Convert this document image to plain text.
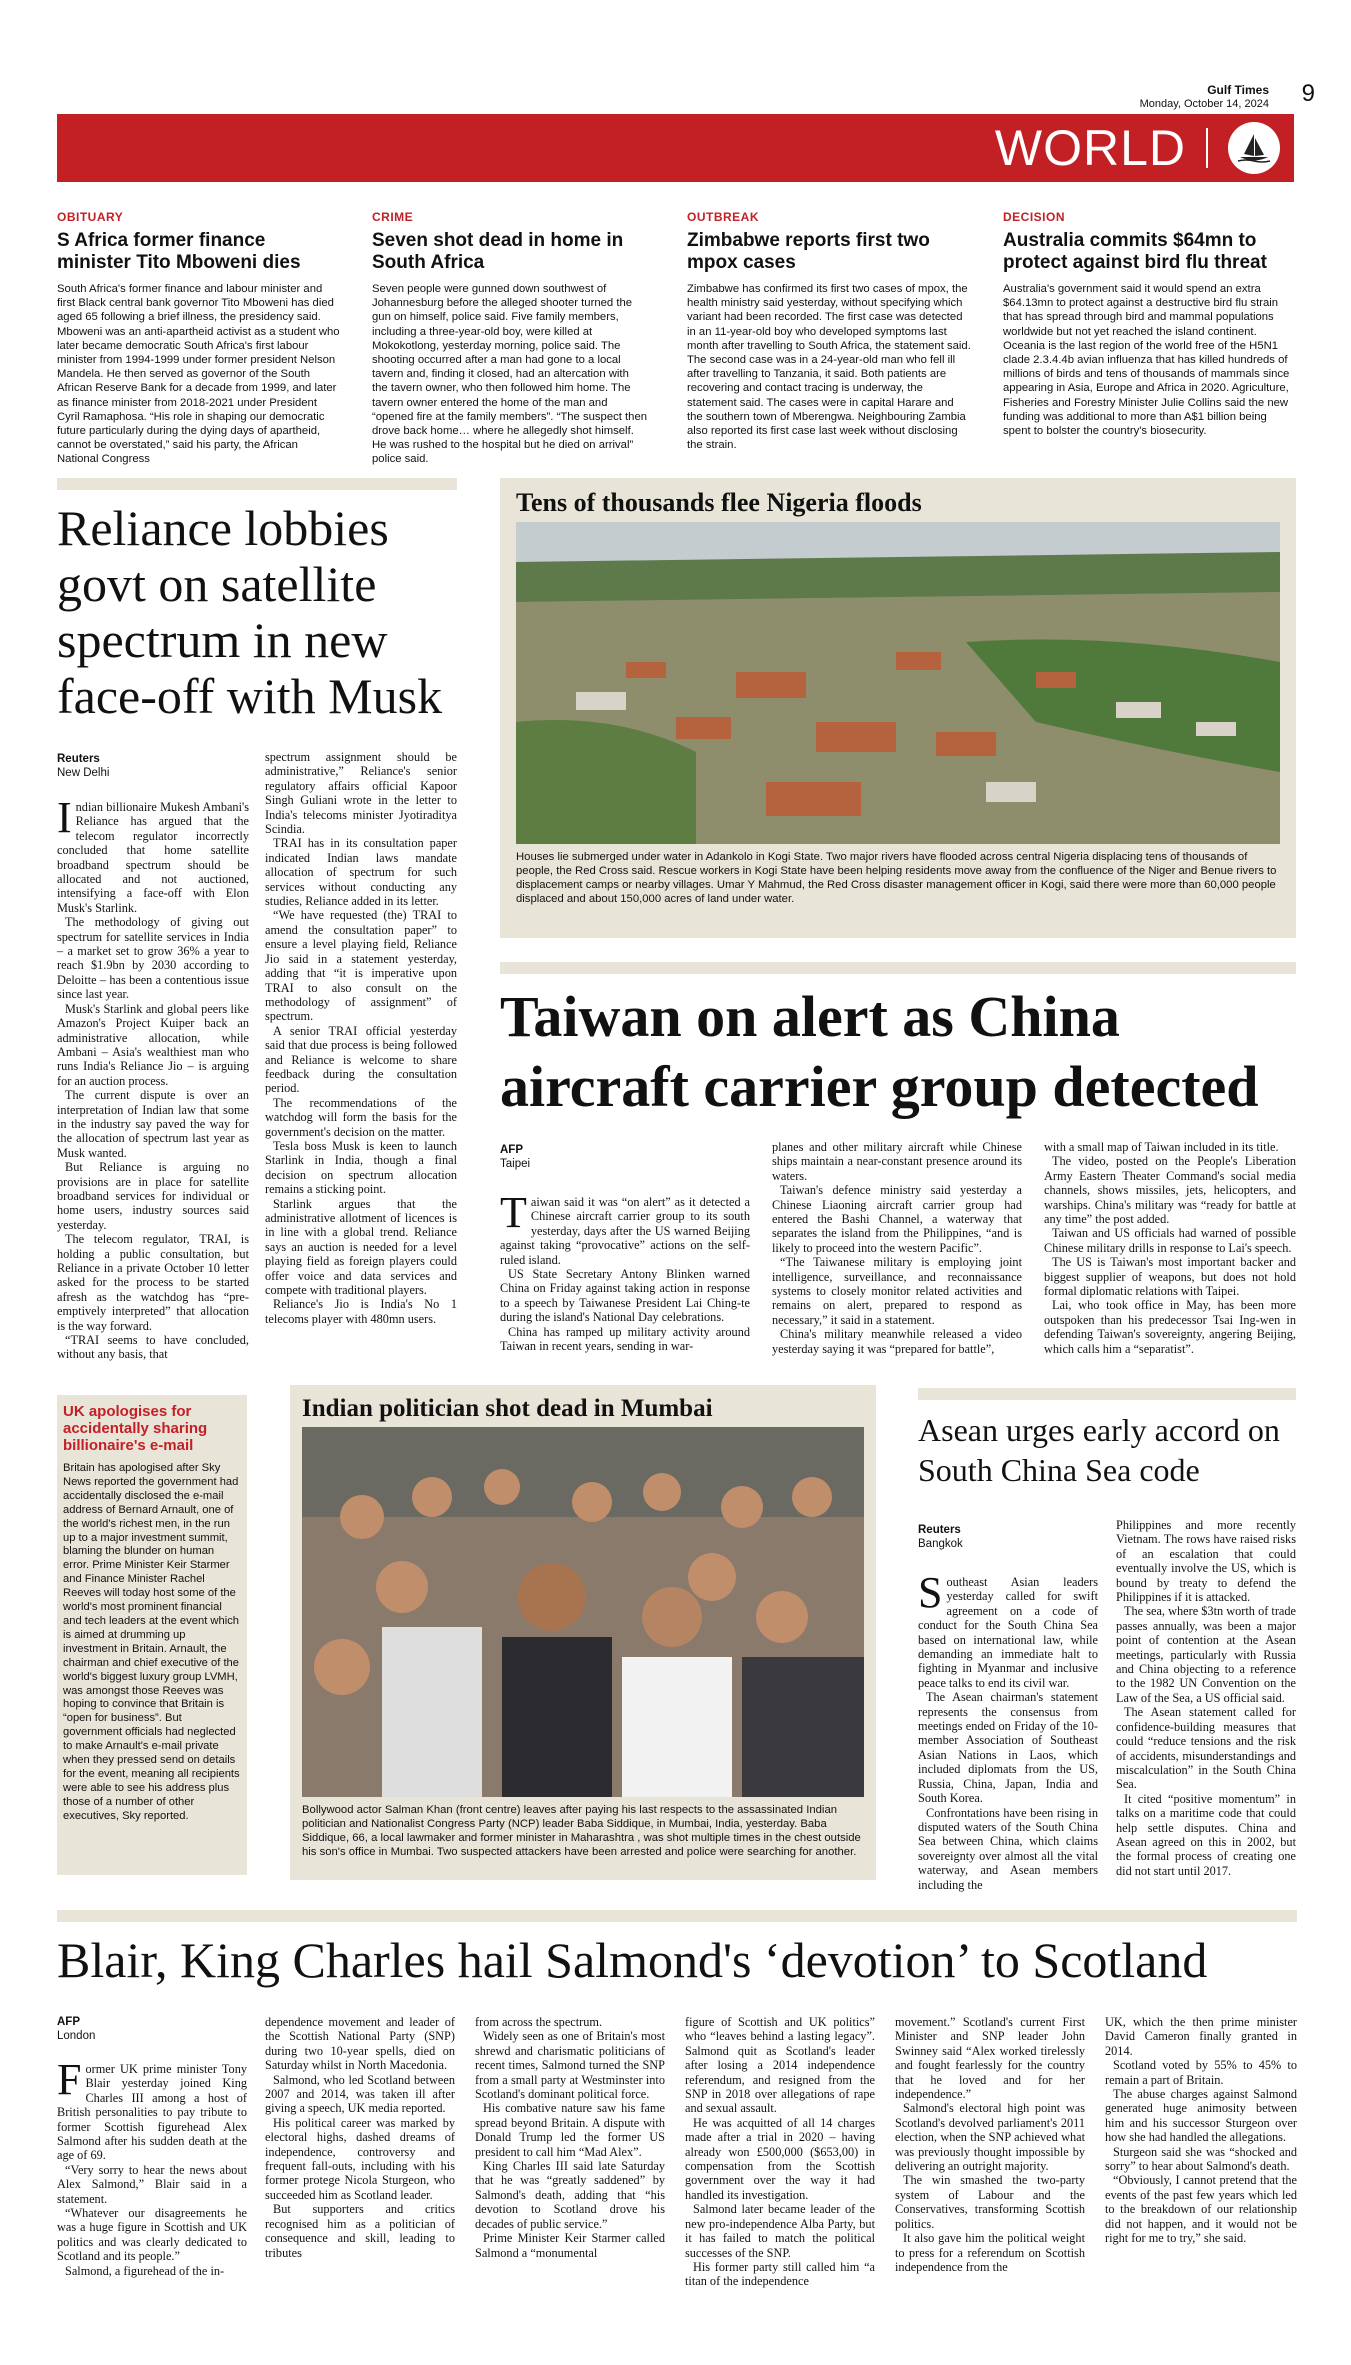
Gulf Times
Monday, October 14, 2024 9
WORLD
OBITUARY
S Africa former finance minister Tito Mboweni dies

South Africa's former finance and labour minister and first Black central bank governor Tito Mboweni has died aged 65 following a brief illness, the presidency said. Mboweni was an anti-apartheid activist as a student who later became democratic South Africa's first labour minister from 1994-1999 under former president Nelson Mandela. He then served as governor of the South African Reserve Bank for a decade from 1999, and later as finance minister from 2018-2021 under President Cyril Ramaphosa. “His role in shaping our democratic future particularly during the dying days of apartheid, cannot be overstated,” said his party, the African National Congress

CRIME
Seven shot dead in home in South Africa

Seven people were gunned down southwest of Johannesburg before the alleged shooter turned the gun on himself, police said. Five family members, including a three-year-old boy, were killed at Mokokotlong, yesterday morning, police said. The shooting occurred after a man had gone to a local tavern and, finding it closed, had an altercation with the tavern owner, who then followed him home. The tavern owner entered the home of the man and “opened fire at the family members”. “The suspect then drove back home… where he allegedly shot himself. He was rushed to the hospital but he died on arrival” police said.

OUTBREAK
Zimbabwe reports first two mpox cases

Zimbabwe has confirmed its first two cases of mpox, the health ministry said yesterday, without specifying which variant had been recorded. The first case was detected in an 11-year-old boy who developed symptoms last month after travelling to South Africa, the statement said. The second case was in a 24-year-old man who fell ill after travelling to Tanzania, it said. Both patients are recovering and contact tracing is underway, the statement said. The cases were in capital Harare and the southern town of Mberengwa. Neighbouring Zambia also reported its first case last week without disclosing the strain.

DECISION
Australia commits $64mn to protect against bird flu threat

Australia's government said it would spend an extra $64.13mn to protect against a destructive bird flu strain that has spread through bird and mammal populations worldwide but not yet reached the island continent. Oceania is the last region of the world free of the H5N1 clade 2.3.4.4b avian influenza that has killed hundreds of millions of birds and tens of thousands of mammals since appearing in Asia, Europe and Africa in 2020. Agriculture, Fisheries and Forestry Minister Julie Collins said the new funding was additional to more than A$1 billion being spent to bolster the country's biosecurity.

Reliance lobbies govt on satellite spectrum in new face-off with Musk
Reuters
New Delhi

Indian billionaire Mukesh Ambani's Reliance has argued that the telecom regulator incorrectly concluded that home satellite broadband spectrum should be allocated and not auctioned, intensifying a face-off with Elon Musk's Starlink.

The methodology of giving out spectrum for satellite services in India – a market set to grow 36% a year to reach $1.9bn by 2030 according to Deloitte – has been a contentious issue since last year.

Musk's Starlink and global peers like Amazon's Project Kuiper back an administrative allocation, while Ambani – Asia's wealthiest man who runs India's Reliance Jio – is arguing for an auction process.

The current dispute is over an interpretation of Indian law that some in the industry say paved the way for the allocation of spectrum last year as Musk wanted.

But Reliance is arguing no provisions are in place for satellite broadband services for individual or home users, industry sources said yesterday.

The telecom regulator, TRAI, is holding a public consultation, but Reliance in a private October 10 letter asked for the process to be started afresh as the watchdog has “pre-emptively interpreted” that allocation is the way forward.

“TRAI seems to have concluded, without any basis, that

spectrum assignment should be administrative,” Reliance's senior regulatory affairs official Kapoor Singh Guliani wrote in the letter to India's telecoms minister Jyotiraditya Scindia.

TRAI has in its consultation paper indicated Indian laws mandate allocation of spectrum for such services without conducting any studies, Reliance added in its letter.

“We have requested (the) TRAI to amend the consultation paper” to ensure a level playing field, Reliance Jio said in a statement yesterday, adding that “it is imperative upon TRAI to also consult on the methodology of assignment” of spectrum.

A senior TRAI official yesterday said that due process is being followed and Reliance is welcome to share feedback during the consultation period.

The recommendations of the watchdog will form the basis for the government's decision on the matter.

Tesla boss Musk is keen to launch Starlink in India, though a final decision on spectrum allocation remains a sticking point.

Starlink argues that the administrative allotment of licences is in line with a global trend. Reliance says an auction is needed for a level playing field as foreign players could offer voice and data services and compete with traditional players.

Reliance's Jio is India's No 1 telecoms player with 480mn users.

Tens of thousands flee Nigeria floods
Houses lie submerged under water in Adankolo in Kogi State. Two major rivers have flooded across central Nigeria displacing tens of thousands of people, the Red Cross said. Rescue workers in Kogi State have been helping residents move away from the confluence of the Niger and Benue rivers to displacement camps or nearby villages. Umar Y Mahmud, the Red Cross disaster management officer in Kogi, said there were more than 60,000 people displaced and about 150,000 acres of land under water.
Taiwan on alert as China aircraft carrier group detected
AFP
Taipei

Taiwan said it was “on alert” as it detected a Chinese aircraft carrier group to its south yesterday, days after the US warned Beijing against taking “provocative” actions on the self-ruled island.

US State Secretary Antony Blinken warned China on Friday against taking action in response to a speech by Taiwanese President Lai Ching-te during the island's National Day celebrations.

China has ramped up military activity around Taiwan in recent years, sending in war-

planes and other military aircraft while Chinese ships maintain a near-constant presence around its waters.

Taiwan's defence ministry said yesterday a Chinese Liaoning aircraft carrier group had entered the Bashi Channel, a waterway that separates the island from the Philippines, “and is likely to proceed into the western Pacific”.

“The Taiwanese military is employing joint intelligence, surveillance, and reconnaissance systems to closely monitor related activities and remains on alert, prepared to respond as necessary,” it said in a statement.

China's military meanwhile released a video yesterday saying it was “prepared for battle”,

with a small map of Taiwan included in its title.

The video, posted on the People's Liberation Army Eastern Theater Command's social media channels, shows missiles, jets, helicopters, and warships. China's military was “ready for battle at any time” the post added.

Taiwan and US officials had warned of possible Chinese military drills in response to Lai's speech.

The US is Taiwan's most important backer and biggest supplier of weapons, but does not hold formal diplomatic relations with Taipei.

Lai, who took office in May, has been more outspoken than his predecessor Tsai Ing-wen in defending Taiwan's sovereignty, angering Beijing, which calls him a “separatist”.

UK apologises for accidentally sharing billionaire's e-mail

Britain has apologised after Sky News reported the government had accidentally disclosed the e-mail address of Bernard Arnault, one of the world's richest men, in the run up to a major investment summit, blaming the blunder on human error. Prime Minister Keir Starmer and Finance Minister Rachel Reeves will today host some of the world's most prominent financial and tech leaders at the event which is aimed at drumming up investment in Britain. Arnault, the chairman and chief executive of the world's biggest luxury group LVMH, was amongst those Reeves was hoping to convince that Britain is “open for business”. But government officials had neglected to make Arnault's e-mail private when they pressed send on details for the event, meaning all recipients were able to see his address plus those of a number of other executives, Sky reported.

Indian politician shot dead in Mumbai
Bollywood actor Salman Khan (front centre) leaves after paying his last respects to the assassinated Indian politician and Nationalist Congress Party (NCP) leader Baba Siddique, in Mumbai, India, yesterday. Baba Siddique, 66, a local lawmaker and former minister in Maharashtra , was shot multiple times in the chest outside his son's office in Mumbai. Two suspected attackers have been arrested and police were searching for another.
Asean urges early accord on South China Sea code
Reuters
Bangkok

Southeast Asian leaders yesterday called for swift agreement on a code of conduct for the South China Sea based on international law, while demanding an immediate halt to fighting in Myanmar and inclusive peace talks to end its civil war.

The Asean chairman's statement represents the consensus from meetings ended on Friday of the 10-member Association of Southeast Asian Nations in Laos, which included diplomats from the US, Russia, China, Japan, India and South Korea.

Confrontations have been rising in disputed waters of the South China Sea between China, which claims sovereignty over almost all the vital waterway, and Asean members including the

Philippines and more recently Vietnam. The rows have raised risks of an escalation that could eventually involve the US, which is bound by treaty to defend the Philippines if it is attacked.

The sea, where $3tn worth of trade passes annually, was been a major point of contention at the Asean meetings, particularly with Russia and China objecting to a reference to the 1982 UN Convention on the Law of the Sea, a US official said.

The Asean statement called for confidence-building measures that could “reduce tensions and the risk of accidents, misunderstandings and miscalculation” in the South China Sea.

It cited “positive momentum” in talks on a maritime code that could help settle disputes. China and Asean agreed on this in 2002, but the formal process of creating one did not start until 2017.

Blair, King Charles hail Salmond's ‘devotion’ to Scotland
AFP
London

Former UK prime minister Tony Blair yesterday joined King Charles III among a host of British personalities to pay tribute to former Scottish figurehead Alex Salmond after his sudden death at the age of 69.

“Very sorry to hear the news about Alex Salmond,” Blair said in a statement.

“Whatever our disagreements he was a huge figure in Scottish and UK politics and was clearly dedicated to Scotland and its people.”

Salmond, a figurehead of the in-

dependence movement and leader of the Scottish National Party (SNP) during two 10-year spells, died on Saturday whilst in North Macedonia.

Salmond, who led Scotland between 2007 and 2014, was taken ill after giving a speech, UK media reported.

His political career was marked by electoral highs, dashed dreams of independence, controversy and frequent fall-outs, including with his former protege Nicola Sturgeon, who succeeded him as Scotland leader.

But supporters and critics recognised him as a politician of consequence and skill, leading to tributes

from across the spectrum.

Widely seen as one of Britain's most shrewd and charismatic politicians of recent times, Salmond turned the SNP from a small party at Westminster into Scotland's dominant political force.

His combative nature saw his fame spread beyond Britain. A dispute with Donald Trump led the former US president to call him “Mad Alex”.

King Charles III said late Saturday that he was “greatly saddened” by Salmond's death, adding that “his devotion to Scotland drove his decades of public service.”

Prime Minister Keir Starmer called Salmond a “monumental

figure of Scottish and UK politics” who “leaves behind a lasting legacy”. Salmond quit as Scotland's leader after losing a 2014 independence referendum, and resigned from the SNP in 2018 over allegations of rape and sexual assault.

He was acquitted of all 14 charges made after a trial in 2020 – having already won £500,000 ($653,00) in compensation from the Scottish government over the way it had handled its investigation.

Salmond later became leader of the new pro-independence Alba Party, but it has failed to match the political successes of the SNP.

His former party still called him “a titan of the independence

movement.” Scotland's current First Minister and SNP leader John Swinney said “Alex worked tirelessly and fought fearlessly for the country that he loved and for her independence.”

Salmond's electoral high point was Scotland's devolved parliament's 2011 election, when the SNP achieved what was previously thought impossible by delivering an outright majority.

The win smashed the two-party system of Labour and the Conservatives, transforming Scottish politics.

It also gave him the political weight to press for a referendum on Scottish independence from the

UK, which the then prime minister David Cameron finally granted in 2014.

Scotland voted by 55% to 45% to remain a part of Britain.

The abuse charges against Salmond generated huge animosity between him and his successor Sturgeon over how she had handled the allegations.

Sturgeon said she was “shocked and sorry” to hear about Salmond's death.

“Obviously, I cannot pretend that the events of the past few years which led to the breakdown of our relationship did not happen, and it would not be right for me to try,” she said.
